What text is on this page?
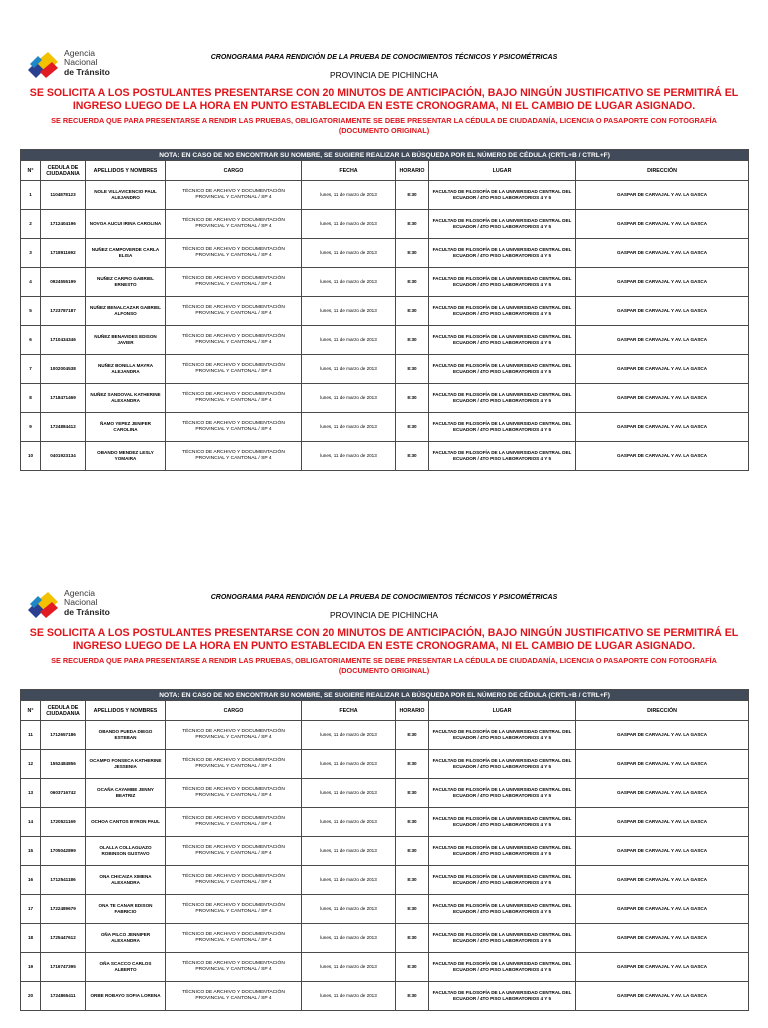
Agencia
Nacional
de Tránsito
CRONOGRAMA PARA RENDICIÓN DE LA PRUEBA DE CONOCIMIENTOS TÉCNICOS Y PSICOMÉTRICAS
PROVINCIA DE PICHINCHA
SE SOLICITA A LOS POSTULANTES PRESENTARSE CON 20 MINUTOS DE ANTICIPACIÓN, BAJO NINGÚN JUSTIFICATIVO SE PERMITIRÁ EL INGRESO LUEGO DE LA HORA EN PUNTO ESTABLECIDA EN ESTE CRONOGRAMA, NI EL CAMBIO DE LUGAR ASIGNADO.
SE RECUERDA QUE PARA PRESENTARSE A RENDIR LAS PRUEBAS, OBLIGATORIAMENTE SE DEBE PRESENTAR LA CÉDULA DE CIUDADANÍA, LICENCIA O PASAPORTE CON FOTOGRAFÍA (DOCUMENTO ORIGINAL)
NOTA: EN CASO DE NO ENCONTRAR SU NOMBRE, SE SUGIERE REALIZAR LA BÚSQUEDA POR EL NÚMERO DE CÉDULA (CRTL+B / CTRL+F)							
N°	CEDULA DE CIUDADANIA	APELLIDOS Y NOMBRES	CARGO	FECHA	HORARIO	LUGAR	DIRECCIÓN
1	1104878123	NOLE VILLAVICENCIO PAUL ALEJANDRO	TÉCNICO DE ARCHIVO Y DOCUMENTACIÓN PROVINCIAL Y CANTONAL / SP 4	lunes, 11 de marzo de 2013	8:30	FACULTAD DE FILOSOFÍA DE LA UNIVERSIDAD CENTRAL DEL ECUADOR / 4TO PISO LABORATORIOS 4 Y 5	GASPAR DE CARVAJAL Y AV. LA GASCA
2	1712404196	NOVOA AUCUI IRINA CAROLINA	TÉCNICO DE ARCHIVO Y DOCUMENTACIÓN PROVINCIAL Y CANTONAL / SP 4	lunes, 11 de marzo de 2013	8:30	FACULTAD DE FILOSOFÍA DE LA UNIVERSIDAD CENTRAL DEL ECUADOR / 4TO PISO LABORATORIOS 4 Y 5	GASPAR DE CARVAJAL Y AV. LA GASCA
3	1718911692	NUÑEZ CAMPOVERDE CARLA ELISA	TÉCNICO DE ARCHIVO Y DOCUMENTACIÓN PROVINCIAL Y CANTONAL / SP 4	lunes, 11 de marzo de 2013	8:30	FACULTAD DE FILOSOFÍA DE LA UNIVERSIDAD CENTRAL DEL ECUADOR / 4TO PISO LABORATORIOS 4 Y 5	GASPAR DE CARVAJAL Y AV. LA GASCA
4	0924555199	NUÑEZ CARPIO GABRIEL ERNESTO	TÉCNICO DE ARCHIVO Y DOCUMENTACIÓN PROVINCIAL Y CANTONAL / SP 4	lunes, 11 de marzo de 2013	8:30	FACULTAD DE FILOSOFÍA DE LA UNIVERSIDAD CENTRAL DEL ECUADOR / 4TO PISO LABORATORIOS 4 Y 5	GASPAR DE CARVAJAL Y AV. LA GASCA
5	1723787187	NUÑEZ BENALCAZAR GABRIEL ALFONSO	TÉCNICO DE ARCHIVO Y DOCUMENTACIÓN PROVINCIAL Y CANTONAL / SP 4	lunes, 11 de marzo de 2013	8:30	FACULTAD DE FILOSOFÍA DE LA UNIVERSIDAD CENTRAL DEL ECUADOR / 4TO PISO LABORATORIOS 4 Y 5	GASPAR DE CARVAJAL Y AV. LA GASCA
6	1710434346	NUÑEZ BENAVIDES EDISON JAVIER	TÉCNICO DE ARCHIVO Y DOCUMENTACIÓN PROVINCIAL Y CANTONAL / SP 4	lunes, 11 de marzo de 2013	8:30	FACULTAD DE FILOSOFÍA DE LA UNIVERSIDAD CENTRAL DEL ECUADOR / 4TO PISO LABORATORIOS 4 Y 5	GASPAR DE CARVAJAL Y AV. LA GASCA
7	1002004538	NUÑEZ BONILLA MAYRA ALEJANDRA	TÉCNICO DE ARCHIVO Y DOCUMENTACIÓN PROVINCIAL Y CANTONAL / SP 4	lunes, 11 de marzo de 2013	8:30	FACULTAD DE FILOSOFÍA DE LA UNIVERSIDAD CENTRAL DEL ECUADOR / 4TO PISO LABORATORIOS 4 Y 5	GASPAR DE CARVAJAL Y AV. LA GASCA
8	1718471469	NUÑEZ SANDOVAL KATHERINE ALEXANDRA	TÉCNICO DE ARCHIVO Y DOCUMENTACIÓN PROVINCIAL Y CANTONAL / SP 4	lunes, 11 de marzo de 2013	8:30	FACULTAD DE FILOSOFÍA DE LA UNIVERSIDAD CENTRAL DEL ECUADOR / 4TO PISO LABORATORIOS 4 Y 5	GASPAR DE CARVAJAL Y AV. LA GASCA
9	1724884412	ÑAMO YEPEZ JENIFER CAROLINA	TÉCNICO DE ARCHIVO Y DOCUMENTACIÓN PROVINCIAL Y CANTONAL / SP 4	lunes, 11 de marzo de 2013	8:30	FACULTAD DE FILOSOFÍA DE LA UNIVERSIDAD CENTRAL DEL ECUADOR / 4TO PISO LABORATORIOS 4 Y 5	GASPAR DE CARVAJAL Y AV. LA GASCA
10	0401923134	OBANDO MENDEZ LESLY YOMAIRA	TÉCNICO DE ARCHIVO Y DOCUMENTACIÓN PROVINCIAL Y CANTONAL / SP 4	lunes, 11 de marzo de 2013	8:30	FACULTAD DE FILOSOFÍA DE LA UNIVERSIDAD CENTRAL DEL ECUADOR / 4TO PISO LABORATORIOS 4 Y 5	GASPAR DE CARVAJAL Y AV. LA GASCA
Agencia
Nacional
de Tránsito
CRONOGRAMA PARA RENDICIÓN DE LA PRUEBA DE CONOCIMIENTOS TÉCNICOS Y PSICOMÉTRICAS
PROVINCIA DE PICHINCHA
SE SOLICITA A LOS POSTULANTES PRESENTARSE CON 20 MINUTOS DE ANTICIPACIÓN, BAJO NINGÚN JUSTIFICATIVO SE PERMITIRÁ EL INGRESO LUEGO DE LA HORA EN PUNTO ESTABLECIDA EN ESTE CRONOGRAMA, NI EL CAMBIO DE LUGAR ASIGNADO.
SE RECUERDA QUE PARA PRESENTARSE A RENDIR LAS PRUEBAS, OBLIGATORIAMENTE SE DEBE PRESENTAR LA CÉDULA DE CIUDADANÍA, LICENCIA O PASAPORTE CON FOTOGRAFÍA (DOCUMENTO ORIGINAL)
NOTA: EN CASO DE NO ENCONTRAR SU NOMBRE, SE SUGIERE REALIZAR LA BÚSQUEDA POR EL NÚMERO DE CÉDULA (CRTL+B / CTRL+F)							
N°	CEDULA DE CIUDADANIA	APELLIDOS Y NOMBRES	CARGO	FECHA	HORARIO	LUGAR	DIRECCIÓN
11	1712657186	OBANDO PUEDA DIEGO ESTEBAN	TÉCNICO DE ARCHIVO Y DOCUMENTACIÓN PROVINCIAL Y CANTONAL / SP 4	lunes, 11 de marzo de 2013	8:30	FACULTAD DE FILOSOFÍA DE LA UNIVERSIDAD CENTRAL DEL ECUADOR / 4TO PISO LABORATORIOS 4 Y 5	GASPAR DE CARVAJAL Y AV. LA GASCA
12	1552484856	OCAMPO FONSECA KATHERINE JESSENIA	TÉCNICO DE ARCHIVO Y DOCUMENTACIÓN PROVINCIAL Y CANTONAL / SP 4	lunes, 11 de marzo de 2013	8:30	FACULTAD DE FILOSOFÍA DE LA UNIVERSIDAD CENTRAL DEL ECUADOR / 4TO PISO LABORATORIOS 4 Y 5	GASPAR DE CARVAJAL Y AV. LA GASCA
13	0603716742	OCAÑA CAYAMBE JENNY BEATRIZ	TÉCNICO DE ARCHIVO Y DOCUMENTACIÓN PROVINCIAL Y CANTONAL / SP 4	lunes, 11 de marzo de 2013	8:30	FACULTAD DE FILOSOFÍA DE LA UNIVERSIDAD CENTRAL DEL ECUADOR / 4TO PISO LABORATORIOS 4 Y 5	GASPAR DE CARVAJAL Y AV. LA GASCA
14	1720521169	OCHOA CANTOS BYRON PAUL	TÉCNICO DE ARCHIVO Y DOCUMENTACIÓN PROVINCIAL Y CANTONAL / SP 4	lunes, 11 de marzo de 2013	8:30	FACULTAD DE FILOSOFÍA DE LA UNIVERSIDAD CENTRAL DEL ECUADOR / 4TO PISO LABORATORIOS 4 Y 5	GASPAR DE CARVAJAL Y AV. LA GASCA
15	1705042899	OLALLA COLLAGUAZO ROBINSON GUSTAVO	TÉCNICO DE ARCHIVO Y DOCUMENTACIÓN PROVINCIAL Y CANTONAL / SP 4	lunes, 11 de marzo de 2013	8:30	FACULTAD DE FILOSOFÍA DE LA UNIVERSIDAD CENTRAL DEL ECUADOR / 4TO PISO LABORATORIOS 4 Y 5	GASPAR DE CARVAJAL Y AV. LA GASCA
16	1712541186	ONA CHICAIZA XIMENA ALEXANDRA	TÉCNICO DE ARCHIVO Y DOCUMENTACIÓN PROVINCIAL Y CANTONAL / SP 4	lunes, 11 de marzo de 2013	8:30	FACULTAD DE FILOSOFÍA DE LA UNIVERSIDAD CENTRAL DEL ECUADOR / 4TO PISO LABORATORIOS 4 Y 5	GASPAR DE CARVAJAL Y AV. LA GASCA
17	1722489679	ONA TE CANAR EDISON FABRICIO	TÉCNICO DE ARCHIVO Y DOCUMENTACIÓN PROVINCIAL Y CANTONAL / SP 4	lunes, 11 de marzo de 2013	8:30	FACULTAD DE FILOSOFÍA DE LA UNIVERSIDAD CENTRAL DEL ECUADOR / 4TO PISO LABORATORIOS 4 Y 5	GASPAR DE CARVAJAL Y AV. LA GASCA
18	1725447612	OÑA PILCO JENNIFER ALEXANDRA	TÉCNICO DE ARCHIVO Y DOCUMENTACIÓN PROVINCIAL Y CANTONAL / SP 4	lunes, 11 de marzo de 2013	8:30	FACULTAD DE FILOSOFÍA DE LA UNIVERSIDAD CENTRAL DEL ECUADOR / 4TO PISO LABORATORIOS 4 Y 5	GASPAR DE CARVAJAL Y AV. LA GASCA
19	1716747395	OÑA SCACCO CARLOS ALBERTO	TÉCNICO DE ARCHIVO Y DOCUMENTACIÓN PROVINCIAL Y CANTONAL / SP 4	lunes, 11 de marzo de 2013	8:30	FACULTAD DE FILOSOFÍA DE LA UNIVERSIDAD CENTRAL DEL ECUADOR / 4TO PISO LABORATORIOS 4 Y 5	GASPAR DE CARVAJAL Y AV. LA GASCA
20	1724865411	ORBE ROBAYO SOFIA LORENA	TÉCNICO DE ARCHIVO Y DOCUMENTACIÓN PROVINCIAL Y CANTONAL / SP 4	lunes, 11 de marzo de 2013	8:30	FACULTAD DE FILOSOFÍA DE LA UNIVERSIDAD CENTRAL DEL ECUADOR / 4TO PISO LABORATORIOS 4 Y 5	GASPAR DE CARVAJAL Y AV. LA GASCA
